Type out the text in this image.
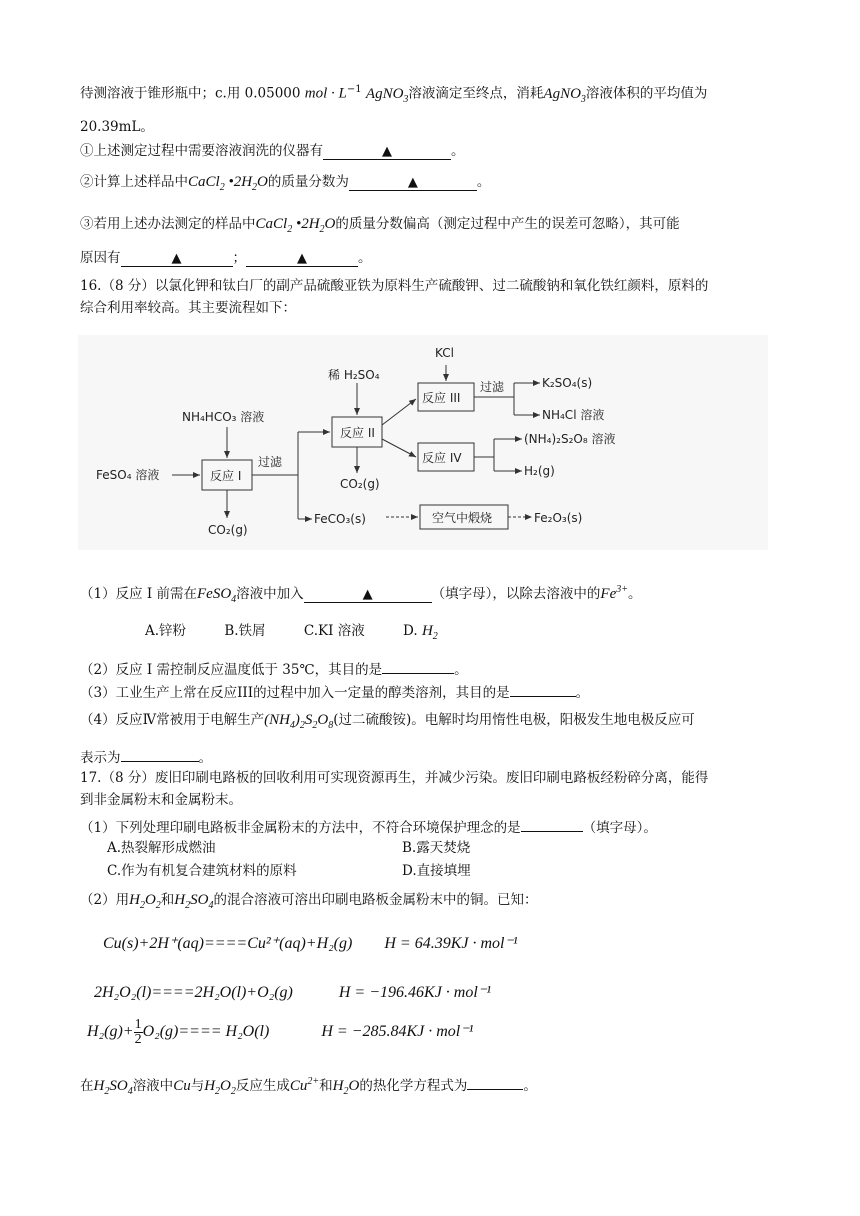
待测溶液于锥形瓶中；c.用 0.05000 mol · $L^{-1}$ AgNO$_3$溶液滴定至终点，消耗AgNO$_3$溶液体积的平均值为
20.39mL。
①上述测定过程中需要溶液润洗的仪器有	▲	。
②计算上述样品中CaCl$_2$ $•2H_2O$的质量分数为	▲	。
③若用上述办法测定的样品中CaCl$_2$ $•2H_2O$的质量分数偏高（测定过程中产生的误差可忽略），其可能
原因有	▲	；	▲	。
16.（8 分）以氯化钾和钛白厂的副产品硫酸亚铁为原料生产硫酸钾、过二硫酸钠和氧化铁红颜料，原料的
综合利用率较高。其主要流程如下：
KCl
稀 H₂SO₄
NH₄HCO₃ 溶液
FeSO₄ 溶液	反应 I
反应 II
反应 III
反应 IV
过滤
过滤	K₂SO₄(s)
NH₄Cl 溶液
(NH₄)₂S₂O₈ 溶液
H₂(g)
CO₂(g)
CO₂(g)
FeCO₃(s)	空气中煅烧	Fe₂O₃(s)
（1）反应 I 前需在FeSO$_4$溶液中加入	▲	（填字母），以除去溶液中的$Fe^{3+}$。
A.锌粉	B.铁屑	C.KI 溶液	D. $H_2$
（2）反应 I 需控制反应温度低于 35℃，其目的是	。
（3）工业生产上常在反应III的过程中加入一定量的醇类溶剂，其目的是	。
（4）反应Ⅳ常被用于电解生产$(NH_4)_2S_2O_8$(过二硫酸铵)。电解时均用惰性电极，阳极发生地电极反应可
表示为	。
17.（8 分）废旧印刷电路板的回收利用可实现资源再生，并减少污染。废旧印刷电路板经粉碎分离，能得
到非金属粉末和金属粉末。
（1）下列处理印刷电路板非金属粉末的方法中，不符合环境保护理念的是	（填字母）。
A.热裂解形成燃油	B.露天焚烧
C.作为有机复合建筑材料的原料	D.直接填埋
（2）用$H_2O_2$和$H_2SO_4$的混合溶液可溶出印刷电路板金属粉末中的铜。已知：
Cu(s)+2H⁺(aq)====Cu²⁺(aq)+H₂(g) H = 64.39KJ · mol⁻¹
2H₂O₂(l)====2H₂O(l)+O₂(g)	H = −196.46KJ · mol⁻¹
$H_2(g)+ \frac{1}{2} O_2(g)==== H_2O(l)$	H = −285.84KJ · mol⁻¹
在$H_2SO_4$溶液中Cu与$H_2O_2$反应生成$Cu^{2+}$和$H_2O$的热化学方程式为	。
